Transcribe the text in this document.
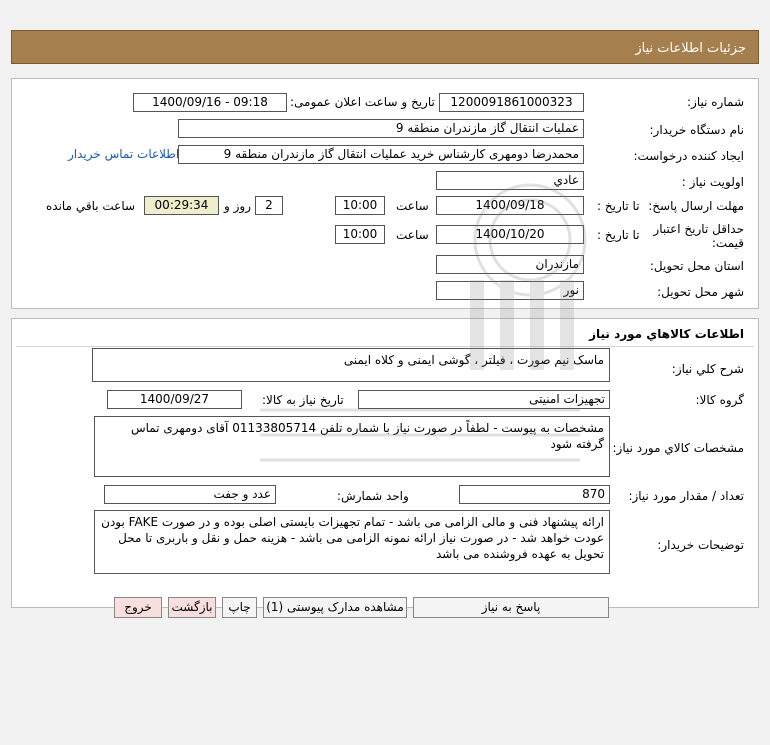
جزئیات اطلاعات نیاز
شماره نیاز:
1200091861000323
تاریخ و ساعت اعلان عمومی:
1400/09/16 - 09:18
نام دستگاه خریدار:
عملیات انتقال گاز مازندران منطقه 9
ایجاد کننده درخواست:
محمدرضا دومهری کارشناس خرید عملیات انتقال گاز مازندران منطقه 9
اطلاعات تماس خریدار
اولویت نیاز :
عادي
مهلت ارسال پاسخ:
تا تاریخ :
1400/09/18
ساعت
10:00
2
روز و
00:29:34
ساعت باقي مانده
حداقل تاریخ اعتبار قیمت:
تا تاریخ :
1400/10/20
ساعت
10:00
استان محل تحویل:
مازندران
شهر محل تحویل:
نور
اطلاعات کالاهاي مورد نياز
شرح کلي نياز:
ماسک نیم صورت ، فیلتر ، گوشی ایمنی و کلاه ایمنی
گروه کالا:
تجهیزات امنیتی
تاریخ نیاز به کالا:
1400/09/27
مشخصات کالاي مورد نياز:
مشخصات به پیوست - لطفاً در صورت نیاز با شماره تلفن 01133805714 آقای دومهری تماس گرفته شود
تعداد / مقدار مورد نیاز:
870
واحد شمارش:
عدد و جفت
توضیحات خریدار:
ارائه پیشنهاد فنی و مالی الزامی می باشد - تمام تجهیزات بایستی اصلی بوده و در صورت FAKE بودن عودت خواهد شد - در صورت نیاز ارائه نمونه الزامی می باشد - هزینه حمل و نقل و باربری تا محل تحویل به عهده فروشنده می باشد
پاسخ به نیاز
مشاهده مدارک پیوستی (1)
چاپ
بازگشت
خروج
